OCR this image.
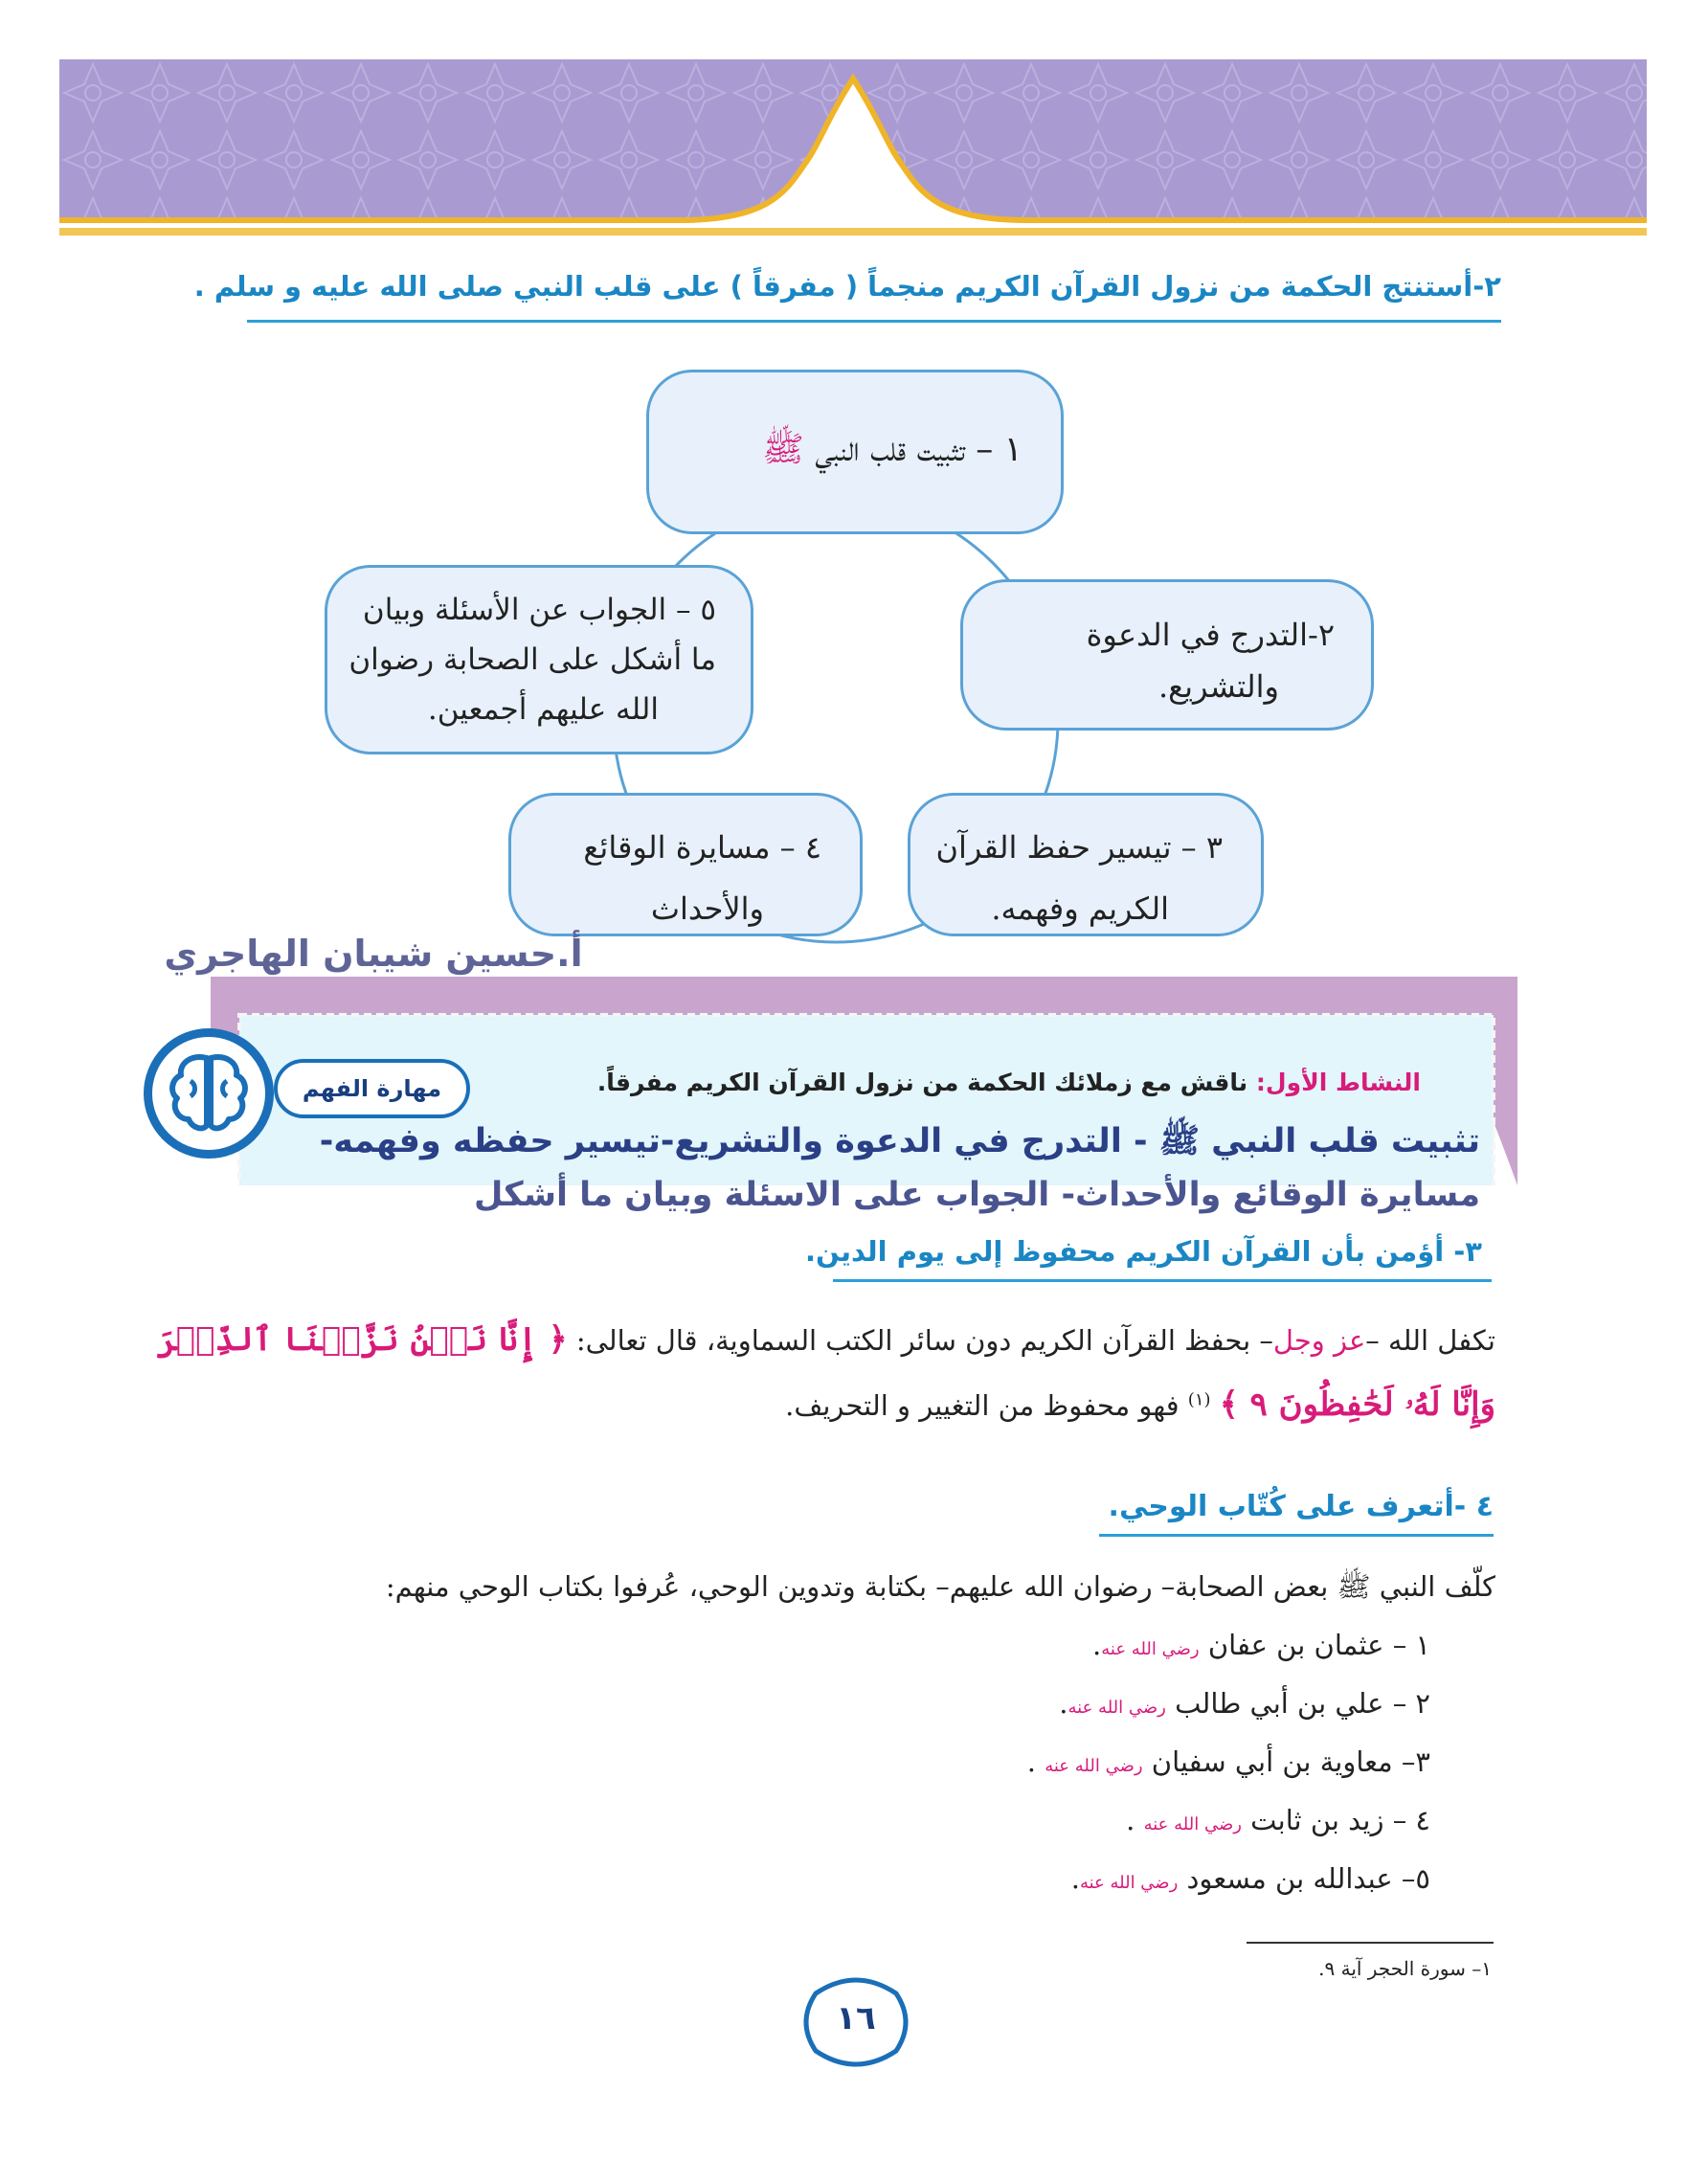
٢-أستنتج الحكمة من نزول القرآن الكريم منجماً ( مفرقاً ) على قلب النبي صلى الله عليه و سلم .
١ – تثبيت قلب النبي ﷺ
٢-التدرج في الدعوة
والتشريع.
٥ – الجواب عن الأسئلة وبيان
ما أشكل على الصحابة رضوان
الله عليهم أجمعين.
٤ – مسايرة الوقائع
والأحداث
٣ – تيسير حفظ القرآن
الكريم وفهمه.
أ.حسين شيبان الهاجري
النشاط الأول: ناقش مع زملائك الحكمة من نزول القرآن الكريم مفرقاً.
مهارة الفهم
تثبيت قلب النبي ﷺ - التدرج في الدعوة والتشريع-تيسير حفظه وفهمه-
مسايرة الوقائع والأحداث- الجواب على الاسئلة وبيان ما أشكل
٣- أؤمن بأن القرآن الكريم محفوظ إلى يوم الدين.
تكفل الله –عز وجل– بحفظ القرآن الكريم دون سائر الكتب السماوية، قال تعالى: ﴿ إِنَّا نَحۡنُ نَزَّلۡنَا ٱلذِّكۡرَ
وَإِنَّا لَهُۥ لَحَٰفِظُونَ ٩ ﴾ $^{(١)}$ فهو محفوظ من التغيير و التحريف.
٤ -أتعرف على كُتّاب الوحي.
كلّف النبي ﷺ بعض الصحابة– رضوان الله عليهم– بكتابة وتدوين الوحي، عُرفوا بكتاب الوحي منهم:
١ – عثمان بن عفان رضي الله عنه.
٢ – علي بن أبي طالب رضي الله عنه.
٣– معاوية بن أبي سفيان رضي الله عنه .
٤ – زيد بن ثابت رضي الله عنه .
٥– عبدالله بن مسعود رضي الله عنه.
١– سورة الحجر آية ٩.
١٦
